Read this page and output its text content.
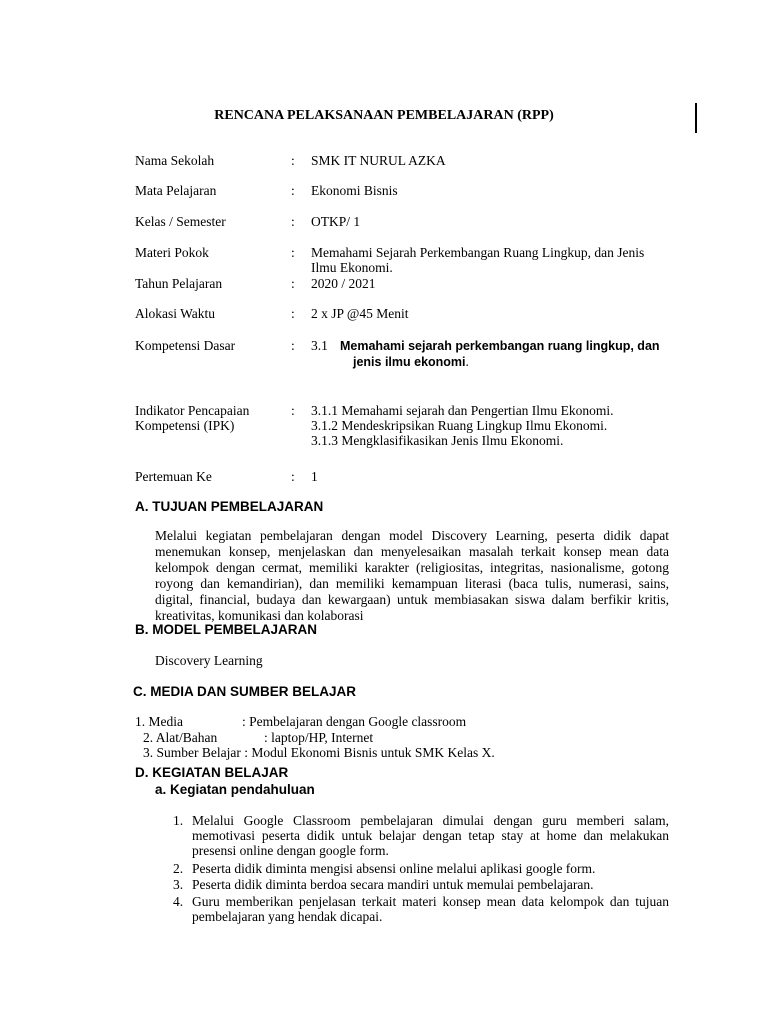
RENCANA PELAKSANAAN PEMBELAJARAN (RPP)
Nama Sekolah	: SMK IT NURUL AZKA
Mata Pelajaran	: Ekonomi Bisnis
Kelas / Semester	: OTKP/ 1
Materi Pokok	: Memahami Sejarah Perkembangan Ruang Lingkup, dan Jenis
Ilmu Ekonomi.
Tahun Pelajaran	: 2020 / 2021
Alokasi Waktu	: 2 x JP @45 Menit
Kompetensi Dasar	: 3.1 Memahami sejarah perkembangan ruang lingkup, dan
jenis ilmu ekonomi.
Indikator Pencapaian
Kompetensi (IPK)
: 3.1.1 Memahami sejarah dan Pengertian Ilmu Ekonomi.
3.1.2 Mendeskripsikan Ruang Lingkup Ilmu Ekonomi.
3.1.3 Mengklasifikasikan Jenis Ilmu Ekonomi.
Pertemuan Ke	: 1
A. TUJUAN PEMBELAJARAN
Melalui kegiatan pembelajaran dengan model Discovery Learning, peserta didik dapat
menemukan konsep, menjelaskan dan menyelesaikan masalah terkait konsep mean data
kelompok dengan cermat, memiliki karakter (religiositas, integritas, nasionalisme, gotong
royong dan kemandirian), dan memiliki kemampuan literasi (baca tulis, numerasi, sains,
digital, financial, budaya dan kewargaan) untuk membiasakan siswa dalam berfikir kritis,
kreativitas, komunikasi dan kolaborasi
B. MODEL PEMBELAJARAN
Discovery Learning
C. MEDIA DAN SUMBER BELAJAR
1. Media	: Pembelajaran dengan Google classroom
2. Alat/Bahan	: laptop/HP, Internet
3. Sumber Belajar : Modul Ekonomi Bisnis untuk SMK Kelas X.
D. KEGIATAN BELAJAR
a. Kegiatan pendahuluan
1. Melalui Google Classroom pembelajaran dimulai dengan guru memberi salam,
memotivasi peserta didik untuk belajar dengan tetap stay at home dan melakukan
presensi online dengan google form.
2. Peserta didik diminta mengisi absensi online melalui aplikasi google form.
3. Peserta didik diminta berdoa secara mandiri untuk memulai pembelajaran.
4. Guru memberikan penjelasan terkait materi konsep mean data kelompok dan tujuan
pembelajaran yang hendak dicapai.
